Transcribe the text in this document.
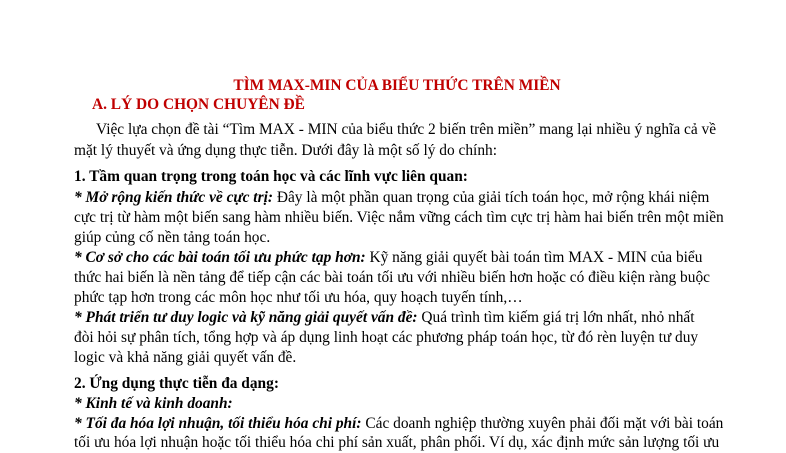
TÌM MAX-MIN CỦA BIỂU THỨC TRÊN MIỀN
A. LÝ DO CHỌN CHUYÊN ĐỀ
Việc lựa chọn đề tài “Tìm MAX - MIN của biểu thức 2 biến trên miền” mang lại nhiều ý nghĩa cả về
mặt lý thuyết và ứng dụng thực tiễn. Dưới đây là một số lý do chính:
1. Tầm quan trọng trong toán học và các lĩnh vực liên quan:
* Mở rộng kiến thức về cực trị: Đây là một phần quan trọng của giải tích toán học, mở rộng khái niệm
cực trị từ hàm một biến sang hàm nhiều biến. Việc nắm vững cách tìm cực trị hàm hai biến trên một miền
giúp củng cố nền tảng toán học.
* Cơ sở cho các bài toán tối ưu phức tạp hơn: Kỹ năng giải quyết bài toán tìm MAX - MIN của biểu
thức hai biến là nền tảng để tiếp cận các bài toán tối ưu với nhiều biến hơn hoặc có điều kiện ràng buộc
phức tạp hơn trong các môn học như tối ưu hóa, quy hoạch tuyến tính,…
* Phát triển tư duy logic và kỹ năng giải quyết vấn đề: Quá trình tìm kiếm giá trị lớn nhất, nhỏ nhất
đòi hỏi sự phân tích, tổng hợp và áp dụng linh hoạt các phương pháp toán học, từ đó rèn luyện tư duy
logic và khả năng giải quyết vấn đề.
2. Ứng dụng thực tiễn đa dạng:
* Kinh tế và kinh doanh:
* Tối đa hóa lợi nhuận, tối thiểu hóa chi phí: Các doanh nghiệp thường xuyên phải đối mặt với bài toán
tối ưu hóa lợi nhuận hoặc tối thiểu hóa chi phí sản xuất, phân phối. Ví dụ, xác định mức sản lượng tối ưu
